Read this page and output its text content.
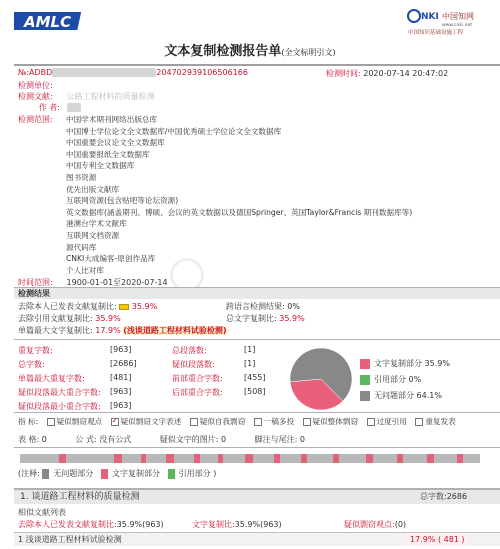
AMLC	NKI 中国知网
www.cnki.net
中国知识基础设施工程
文本复制检测报告单(全文标明引文)
№:ADBD	204702939106506166	检测时间: 2020-07-14 20:47:02
检测单位:
检测文献: 公路工程材料的质量检测
作 者:
检测范围:	中国学术期刊网络出版总库
中国博士学位论文全文数据库/中国优秀硕士学位论文全文数据库
中国重要会议论文全文数据库
中国重要报纸全文数据库
中国专利全文数据库
图书资源
优先出版文献库
互联网资源(包含贴吧等论坛资源)
英文数据库(涵盖期刊、博硕、会议的英文数据以及德国Springer、英国Taylor&Francis 期刊数据库等)
港澳台学术文献库
互联网文档资源
源代码库
CNKI大成编客-原创作品库
个人比对库
时间范围: 1900-01-01至2020-07-14
检测结果
去除本人已发表文献复制比: 35.9%	跨语言检测结果: 0%
去除引用文献复制比: 35.9%	总文字复制比: 35.9%
单篇最大文字复制比: 17.9% (浅谈道路工程材料试验检测)
重复字数:	[963]	总段落数:	[1]
总字数:	[2686]	疑似段落数:	[1]
单篇最大重复字数:	[481]	前部重合字数:	[455]
疑似段落最大重合字数: [963]	后部重合字数:	[508]
疑似段落最小重合字数: [963]
文字复制部分 35.9%
引用部分 0%
无问题部分 64.1%
指 标: 疑似剽窃观点 ✓ 疑似剽窃文字表述 疑似自我剽窃 一稿多投 疑似整体剽窃 过度引用 重复发表
表 格: 0	公 式: 没有公式	疑似文字的图片: 0	脚注与尾注: 0
(注释: 无问题部分 文字复制部分 引用部分 )
1. 谈道路工程材料的质量检测	总字数:2686
相似文献列表
去除本人已发表文献复制比:35.9%(963)	文字复制比:35.9%(963)	疑似剽窃观点:(0)
1 浅谈道路工程材料试验检测	17.9% ( 481 )
